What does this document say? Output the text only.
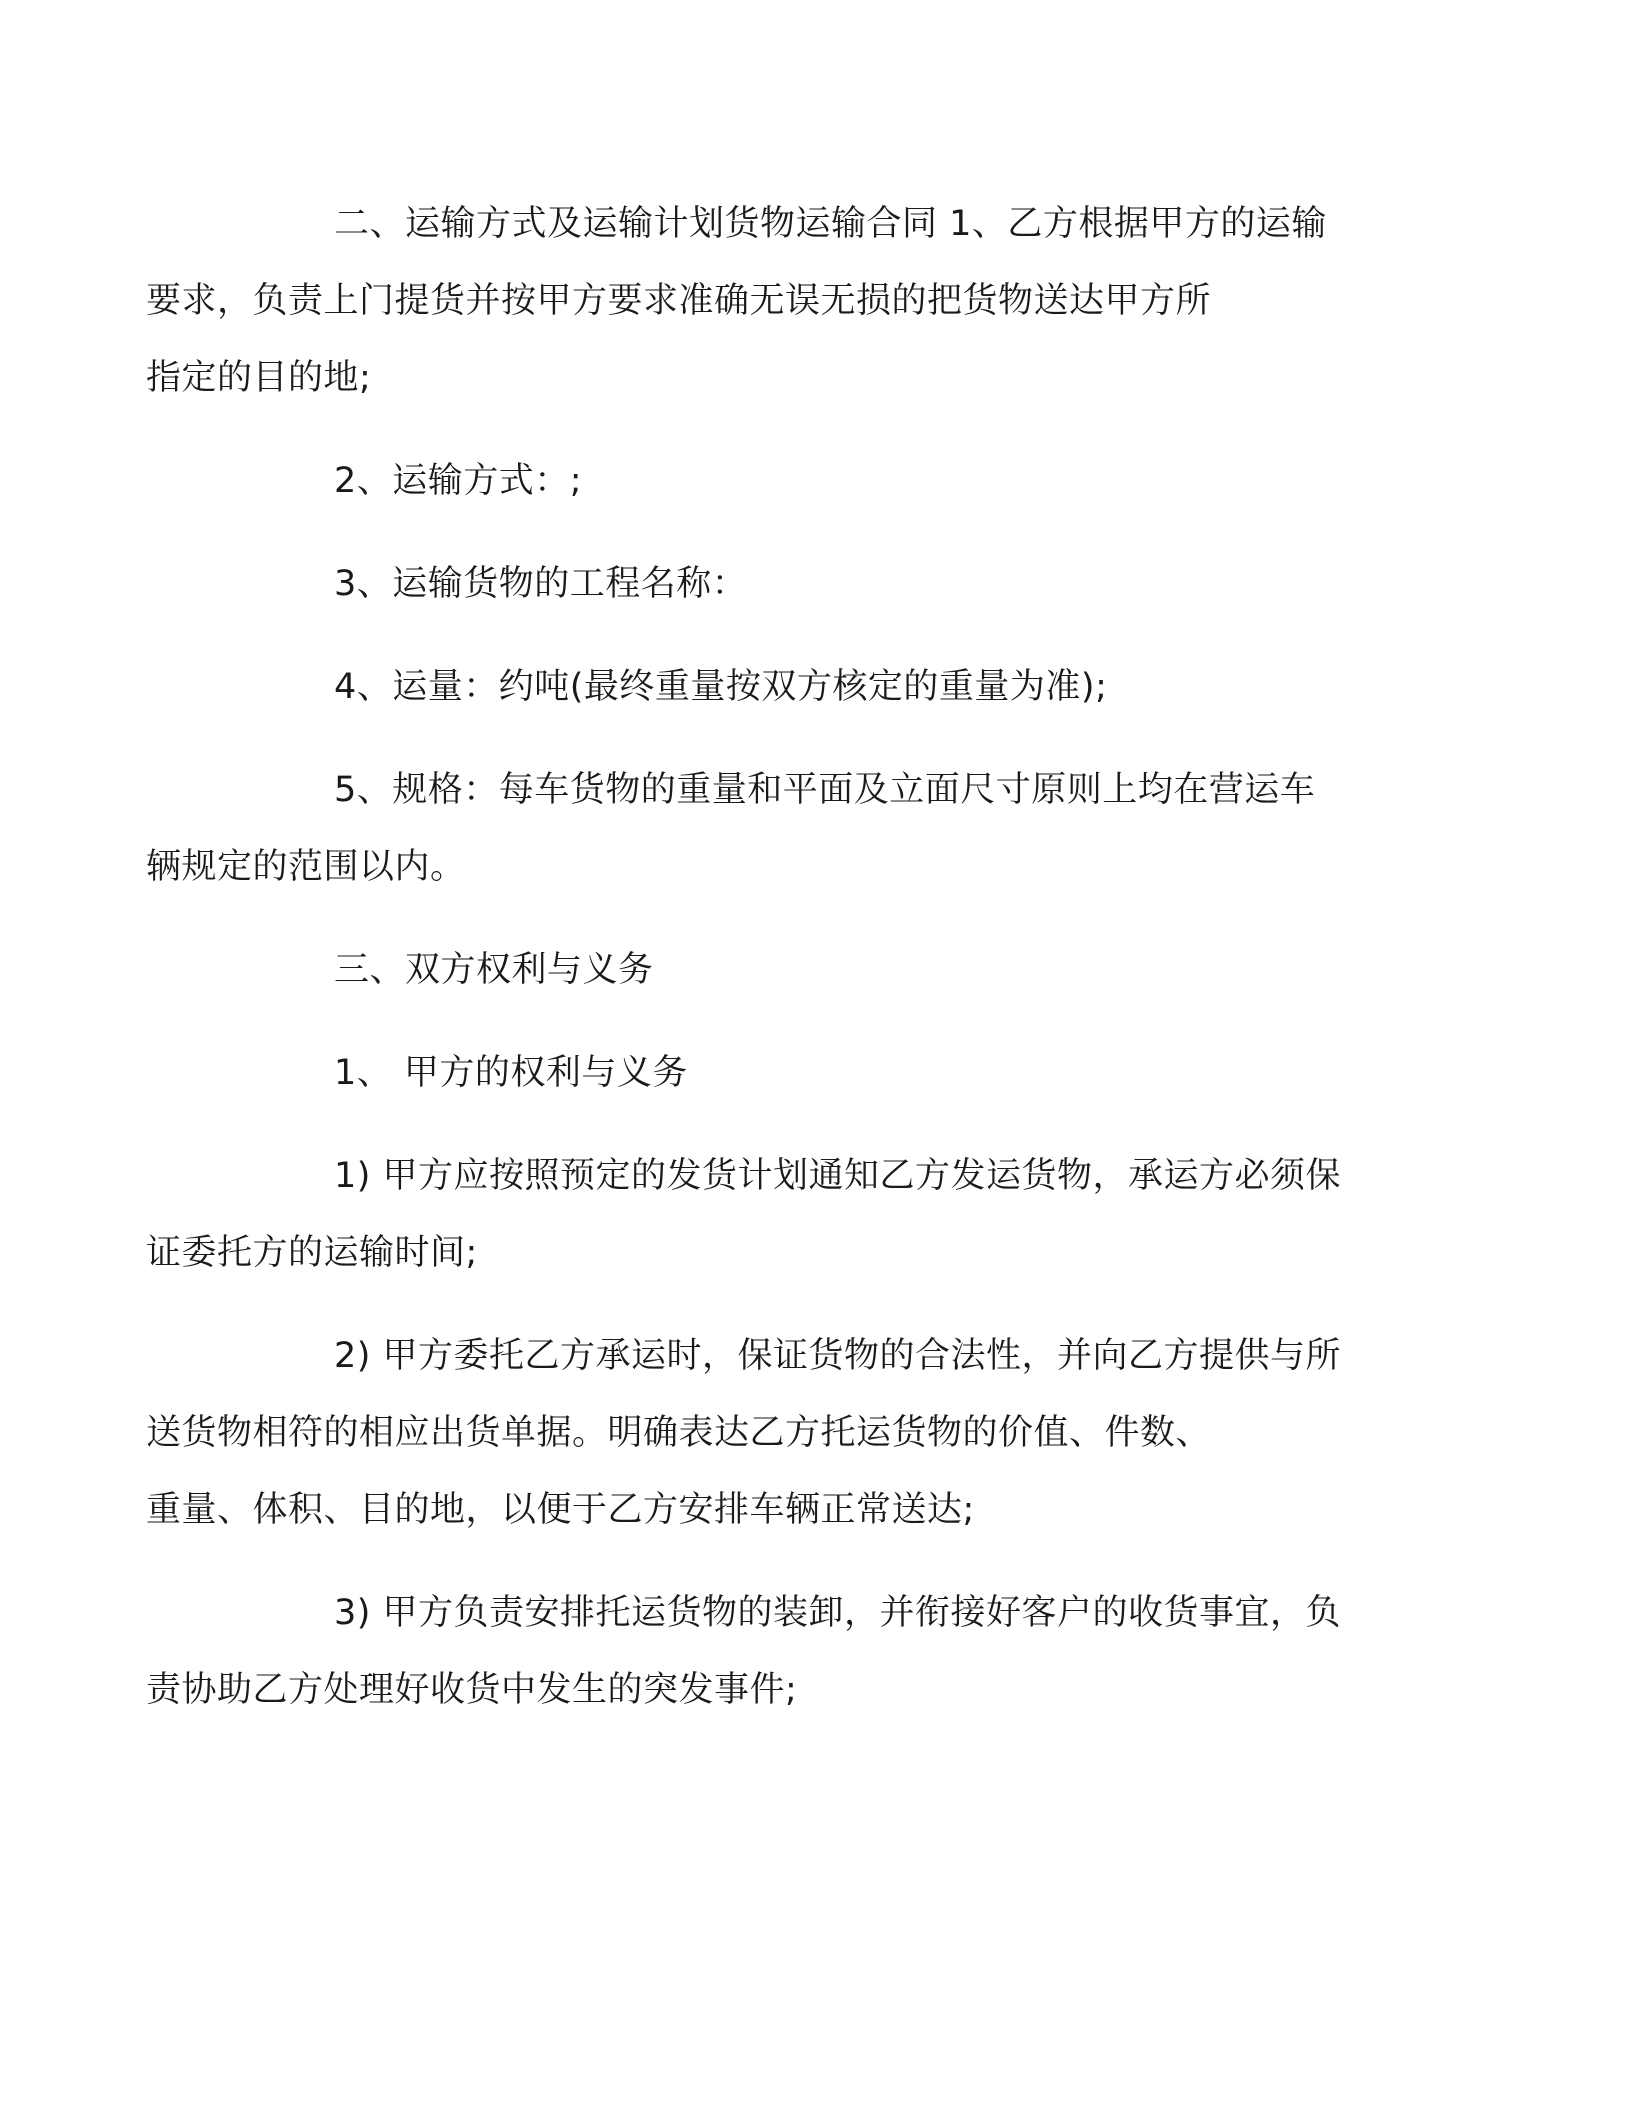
二、运输方式及运输计划货物运输合同 1、乙方根据甲方的运输
要求，负责上门提货并按甲方要求准确无误无损的把货物送达甲方所
指定的目的地;

2、运输方式：;

3、运输货物的工程名称：

4、运量：约吨(最终重量按双方核定的重量为准);

5、规格：每车货物的重量和平面及立面尺寸原则上均在营运车
辆规定的范围以内。

三、双方权利与义务

1、 甲方的权利与义务

1) 甲方应按照预定的发货计划通知乙方发运货物，承运方必须保
证委托方的运输时间;

2) 甲方委托乙方承运时，保证货物的合法性，并向乙方提供与所
送货物相符的相应出货单据。明确表达乙方托运货物的价值、件数、
重量、体积、目的地，以便于乙方安排车辆正常送达;

3) 甲方负责安排托运货物的装卸，并衔接好客户的收货事宜，负
责协助乙方处理好收货中发生的突发事件;
